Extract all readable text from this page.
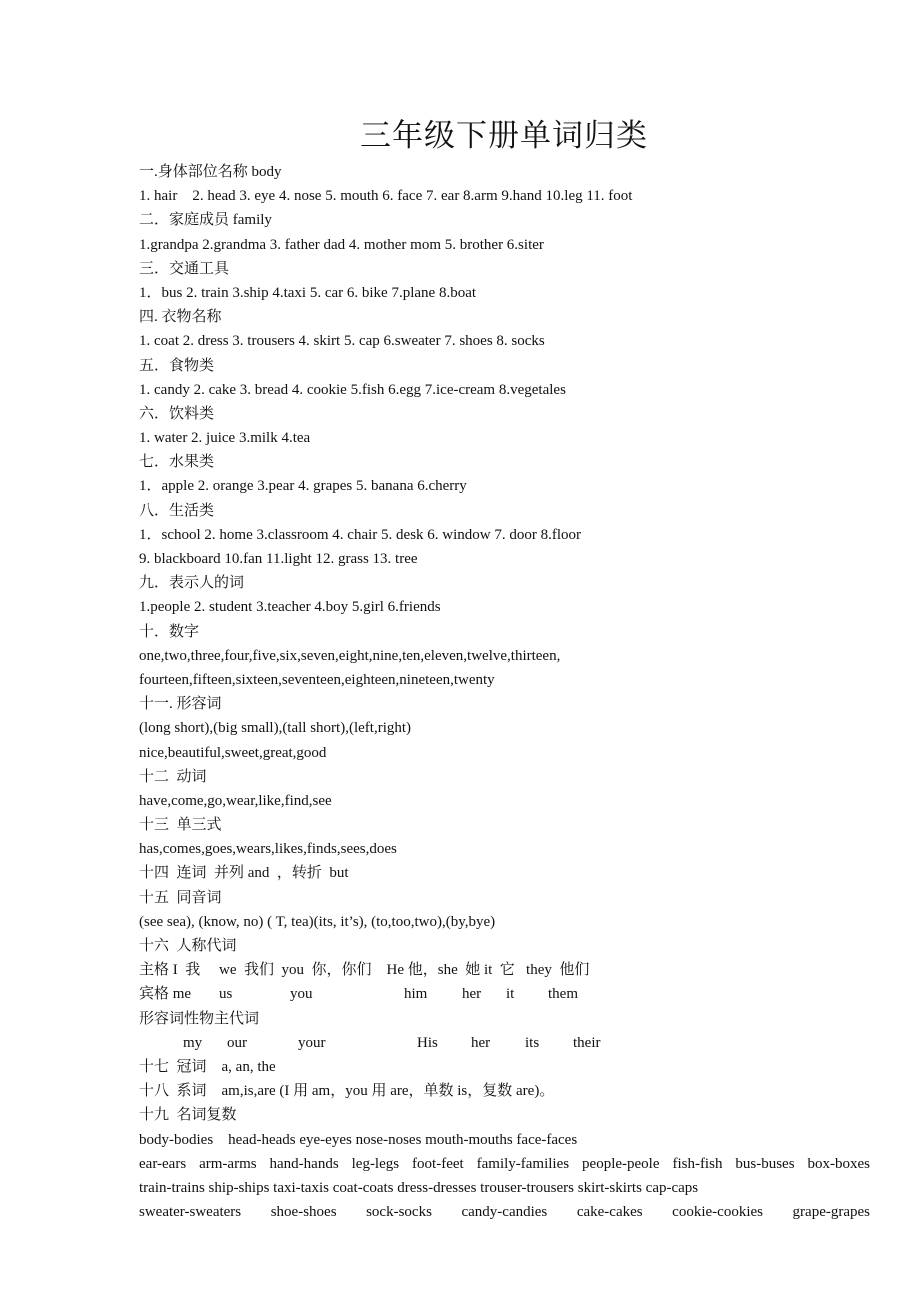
三年级下册单词归类
一.身体部位名称 body
1. hair    2. head 3. eye 4. nose 5. mouth 6. face 7. ear 8.arm 9.hand 10.leg 11. foot
二．家庭成员 family
1.grandpa 2.grandma 3. father dad 4. mother mom 5. brother 6.siter
三．交通工具
1．bus 2. train 3.ship 4.taxi 5. car 6. bike 7.plane 8.boat
四. 衣物名称
1. coat 2. dress 3. trousers 4. skirt 5. cap 6.sweater 7. shoes 8. socks
五．食物类
1. candy 2. cake 3. bread 4. cookie 5.fish 6.egg 7.ice-cream 8.vegetales
六．饮料类
1. water 2. juice 3.milk 4.tea
七．水果类
1．apple 2. orange 3.pear 4. grapes 5. banana 6.cherry
八．生活类
1．school 2. home 3.classroom 4. chair 5. desk 6. window 7. door 8.floor
9. blackboard 10.fan 11.light 12. grass 13. tree
九．表示人的词
1.people 2. student 3.teacher 4.boy 5.girl 6.friends
十．数字
one,two,three,four,five,six,seven,eight,nine,ten,eleven,twelve,thirteen,
fourteen,fifteen,sixteen,seventeen,eighteen,nineteen,twenty
十一. 形容词
(long short),(big small),(tall short),(left,right)
nice,beautiful,sweet,great,good
十二  动词
have,come,go,wear,like,find,see
十三  单三式
has,comes,goes,wears,likes,finds,sees,does
十四  连词  并列 and  ，转折  but
十五  同音词
(see sea), (know, no) ( T, tea)(its, it’s), (to,too,two),(by,bye)
十六  人称代词
主格 I  我     we  我们  you  你，你们    He 他，she  她 it  它   they  他们
宾格 me	us	you	him	her	it	them
形容词性物主代词
my	our	your	His	her	its	their
十七  冠词    a, an, the
十八  系词    am,is,are (I 用 am，you 用 are，单数 is，复数 are)。
十九  名词复数
body-bodies    head-heads eye-eyes nose-noses mouth-mouths face-faces
ear-ears arm-arms hand-hands leg-legs foot-feet family-families people-peole fish-fish bus-buses box-boxes
train-trains ship-ships taxi-taxis coat-coats dress-dresses trouser-trousers skirt-skirts cap-caps
sweater-sweaters shoe-shoes sock-socks candy-candies cake-cakes cookie-cookies grape-grapes
